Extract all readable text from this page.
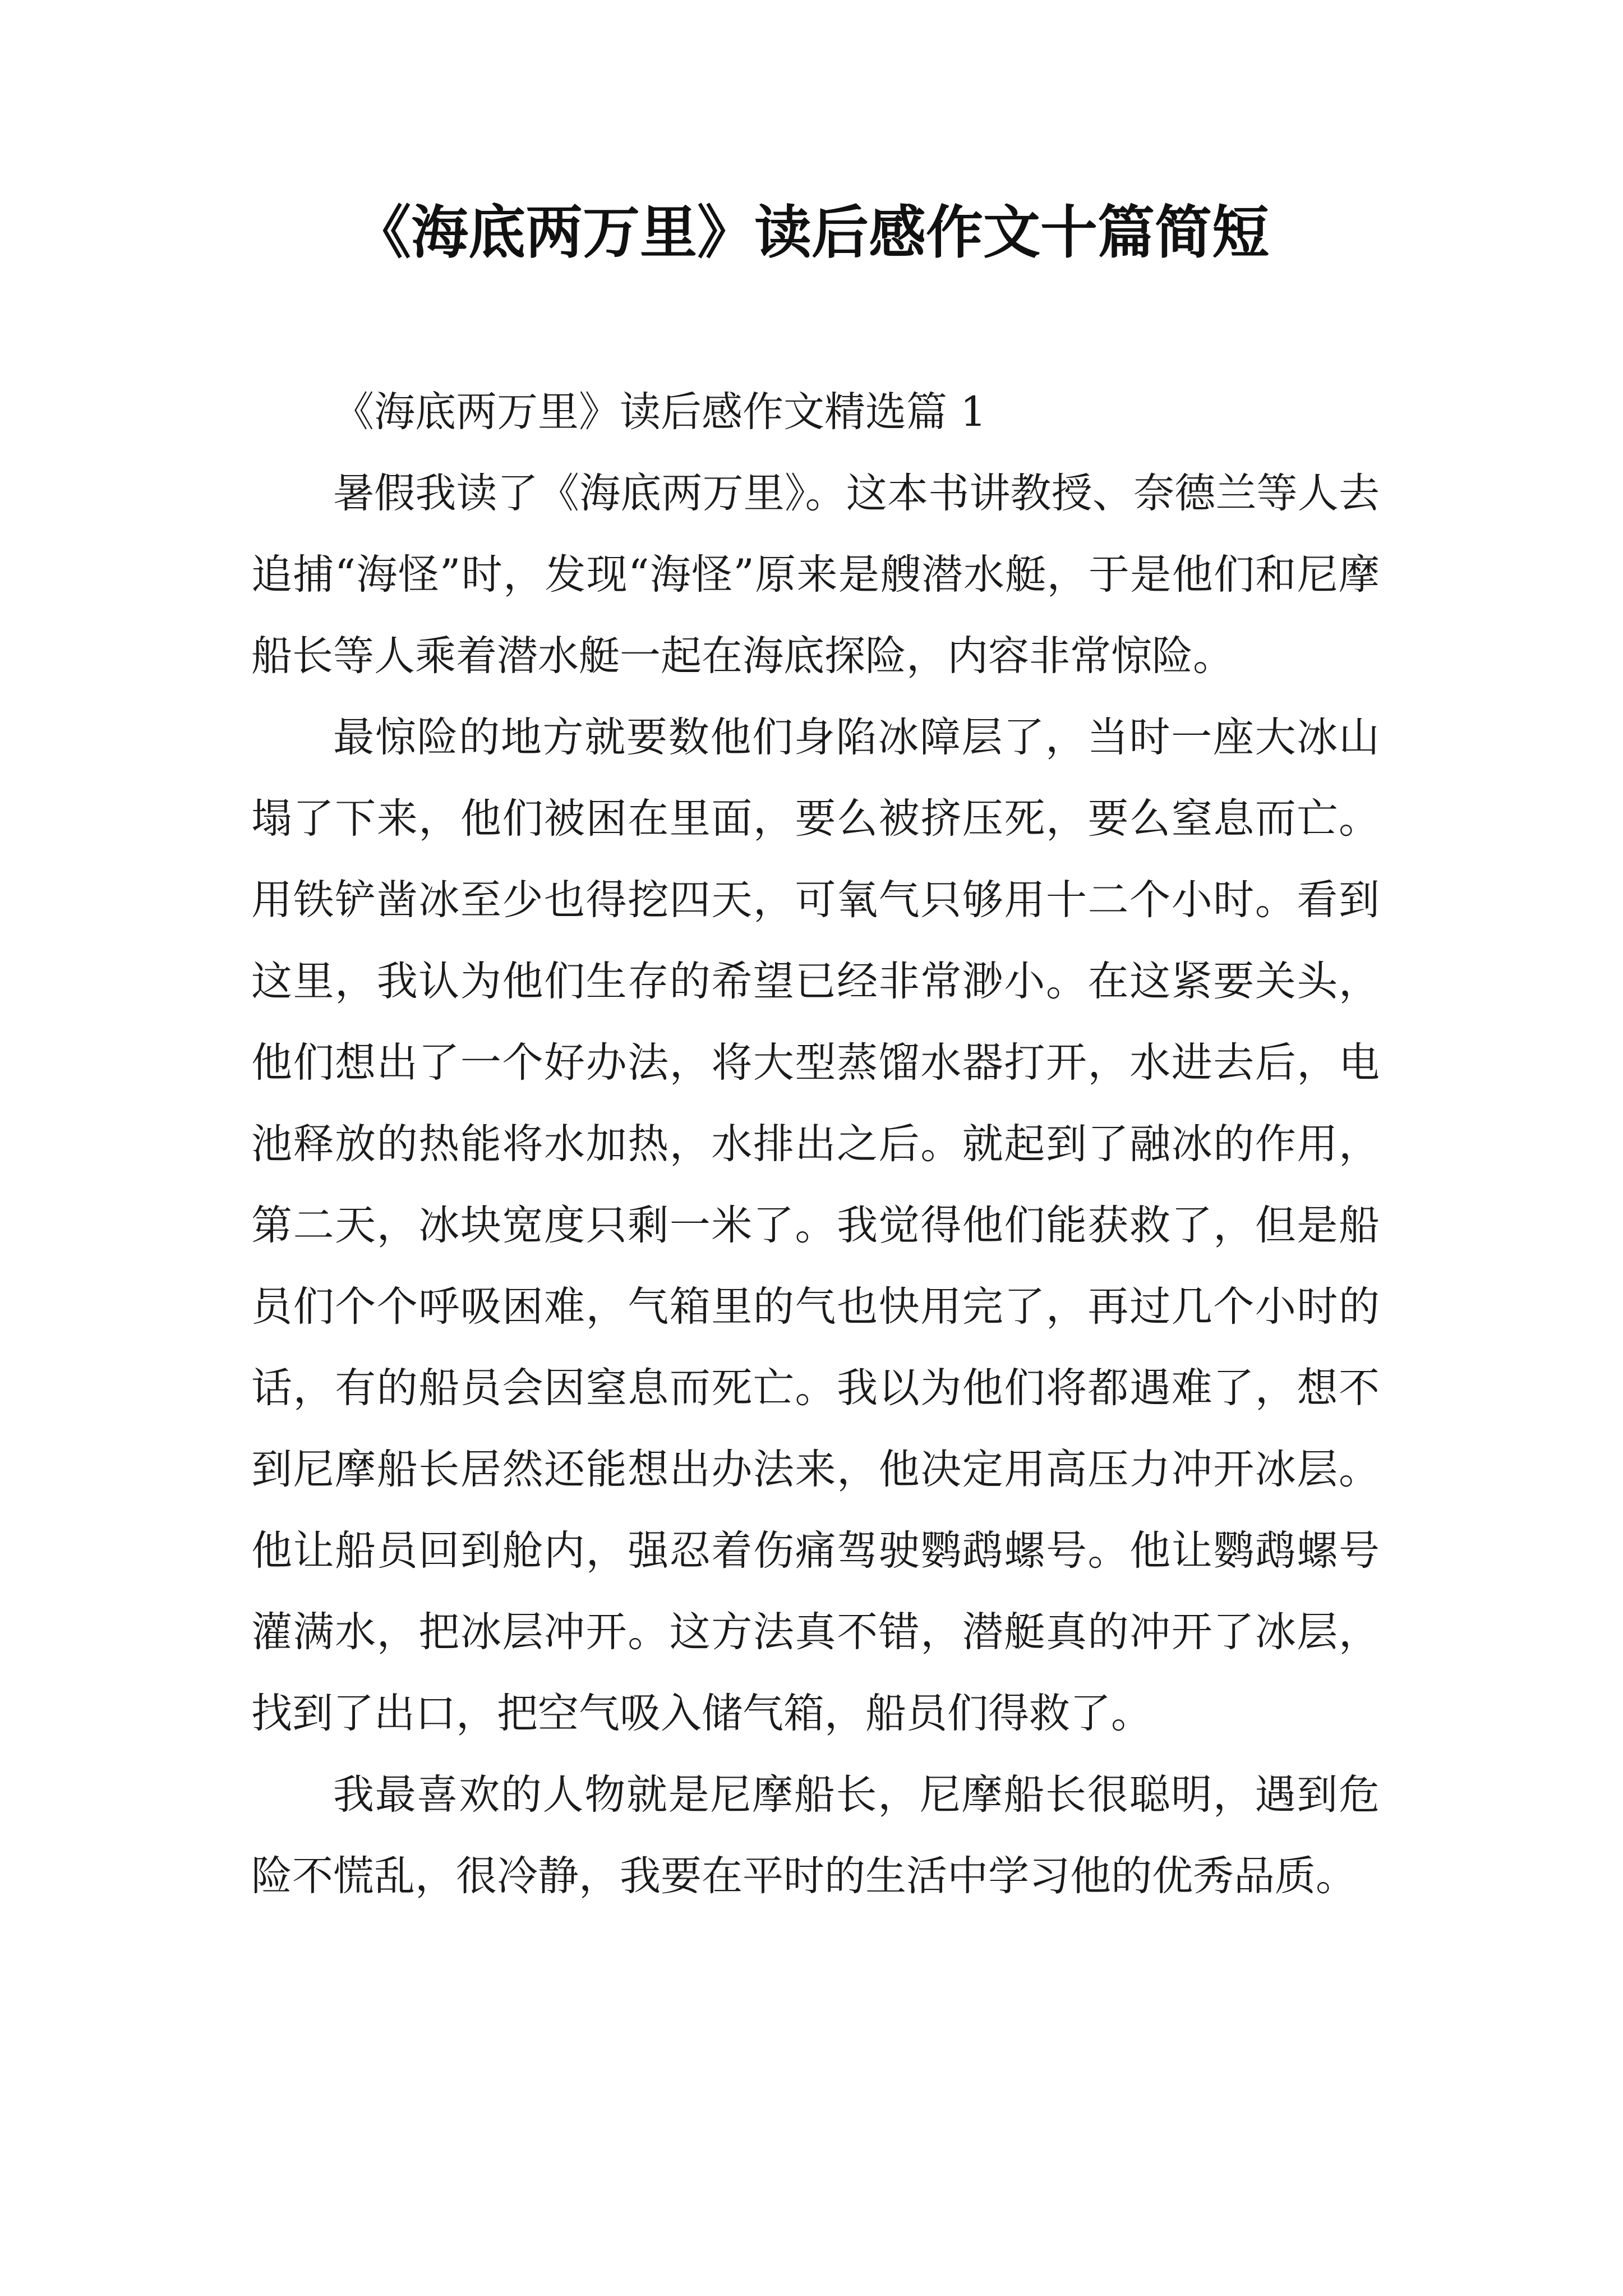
《海底两万里》读后感作文十篇简短

《海底两万里》读后感作文精选篇 1

暑假我读了《海底两万里》。这本书讲教授、奈德兰等人去追捕“海怪”时，发现“海怪”原来是艘潜水艇，于是他们和尼摩船长等人乘着潜水艇一起在海底探险，内容非常惊险。

最惊险的地方就要数他们身陷冰障层了，当时一座大冰山塌了下来，他们被困在里面，要么被挤压死，要么窒息而亡。用铁铲凿冰至少也得挖四天，可氧气只够用十二个小时。看到这里，我认为他们生存的希望已经非常渺小。在这紧要关头，他们想出了一个好办法，将大型蒸馏水器打开，水进去后，电池释放的热能将水加热，水排出之后。就起到了融冰的作用，第二天，冰块宽度只剩一米了。我觉得他们能获救了，但是船员们个个呼吸困难，气箱里的气也快用完了，再过几个小时的话，有的船员会因窒息而死亡。我以为他们将都遇难了，想不到尼摩船长居然还能想出办法来，他决定用高压力冲开冰层。他让船员回到舱内，强忍着伤痛驾驶鹦鹉螺号。他让鹦鹉螺号灌满水，把冰层冲开。这方法真不错，潜艇真的冲开了冰层，找到了出口，把空气吸入储气箱，船员们得救了。

我最喜欢的人物就是尼摩船长，尼摩船长很聪明，遇到危险不慌乱，很冷静，我要在平时的生活中学习他的优秀品质。
